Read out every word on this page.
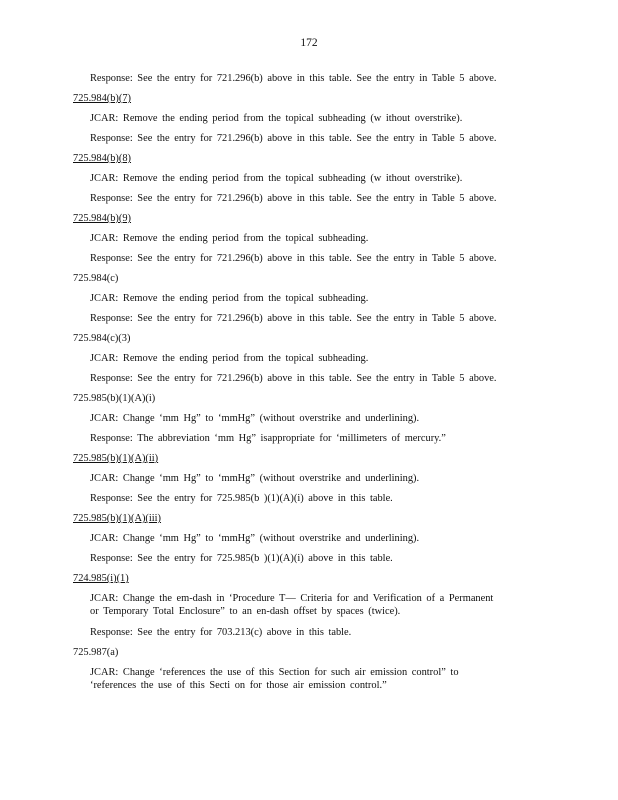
172
Response: See the entry for 721.296(b) above in this table. See the entry in Table 5 above.
725.984(b)(7)
JCAR: Remove the ending period from the topical subheading (w ithout overstrike).
Response: See the entry for 721.296(b) above in this table. See the entry in Table 5 above.
725.984(b)(8)
JCAR: Remove the ending period from the topical subheading (w ithout overstrike).
Response: See the entry for 721.296(b) above in this table. See the entry in Table 5 above.
725.984(b)(9)
JCAR: Remove the ending period from the topical subheading.
Response: See the entry for 721.296(b) above in this table. See the entry in Table 5 above.
725.984(c)
JCAR: Remove the ending period from the topical subheading.
Response: See the entry for 721.296(b) above in this table. See the entry in Table 5 above.
725.984(c)(3)
JCAR: Remove the ending period from the topical subheading.
Response: See the entry for 721.296(b) above in this table. See the entry in Table 5 above.
725.985(b)(1)(A)(i)
JCAR: Change ‘mm Hg” to ‘mmHg” (without overstrike and underlining).
Response: The abbreviation ‘mm Hg” isappropriate for ‘millimeters of mercury.”
725.985(b)(1)(A)(ii)
JCAR: Change ‘mm Hg” to ‘mmHg” (without overstrike and underlining).
Response: See the entry for 725.985(b )(1)(A)(i) above in this table.
725.985(b)(1)(A)(iii)
JCAR: Change ‘mm Hg” to ‘mmHg” (without overstrike and underlining).
Response: See the entry for 725.985(b )(1)(A)(i) above in this table.
724.985(i)(1)
JCAR: Change the em-dash in ‘Procedure T— Criteria for and Verification of a Permanent
or Temporary Total Enclosure” to an en-dash offset by spaces (twice).
Response: See the entry for 703.213(c) above in this table.
725.987(a)
JCAR: Change ‘references the use of this Section for such air emission control” to
‘references the use of this Secti on for those air emission control.”
